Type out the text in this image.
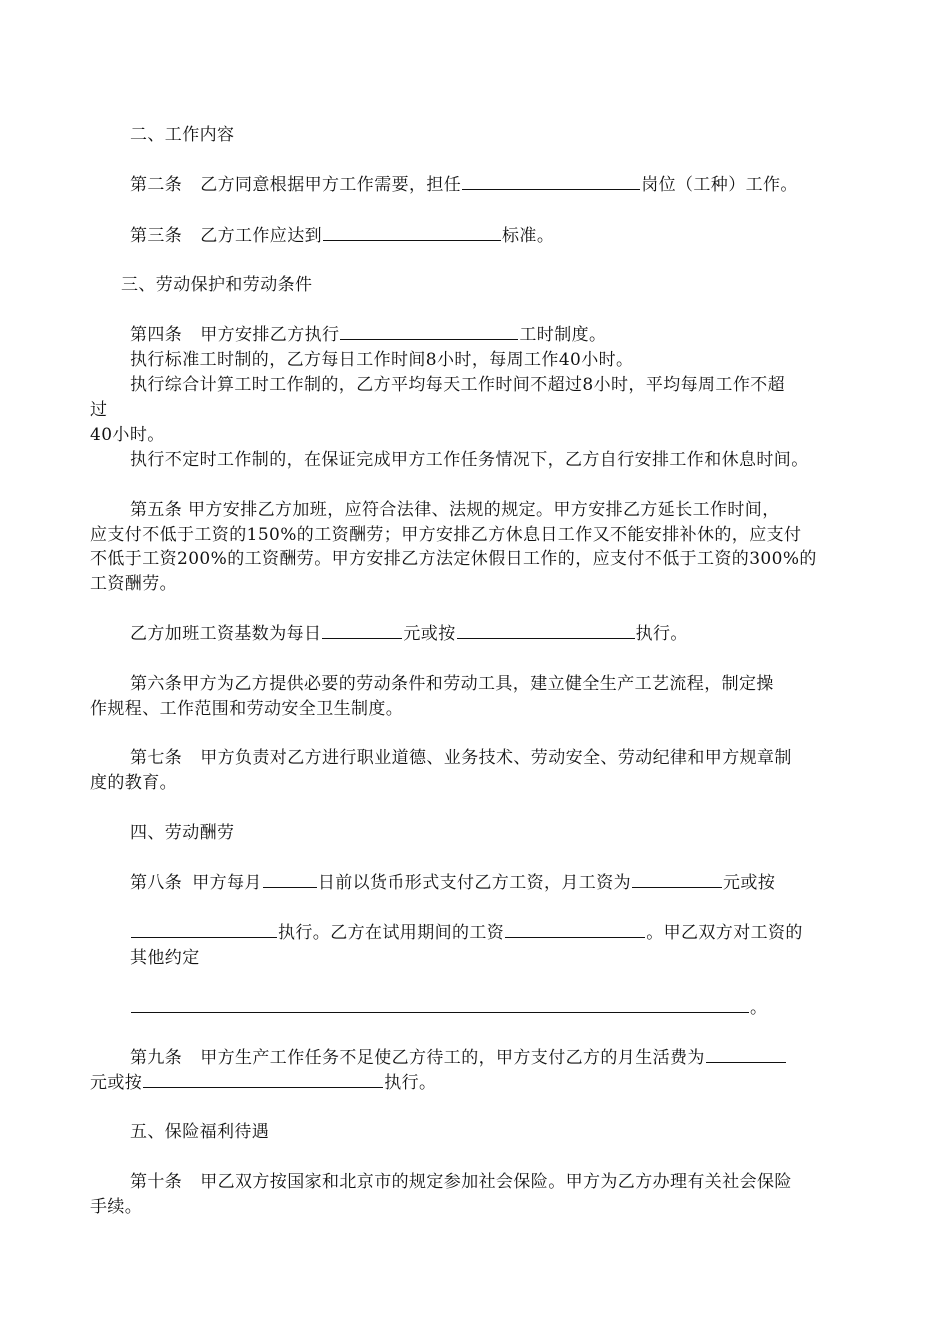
二、工作内容
第二条 乙方同意根据甲方工作需要，担任	岗位（工种）工作。
第三条 乙方工作应达到	标准。
三、劳动保护和劳动条件
第四条 甲方安排乙方执行	工时制度。
执行标准工时制的，乙方每日工作时间8小时，每周工作40小时。
执行综合计算工时工作制的，乙方平均每天工作时间不超过8小时，平均每周工作不超
过
40小时。
执行不定时工作制的，在保证完成甲方工作任务情况下，乙方自行安排工作和休息时间。
第五条 甲方安排乙方加班，应符合法律、法规的规定。甲方安排乙方延长工作时间，
应支付不低于工资的150%的工资酬劳；甲方安排乙方休息日工作又不能安排补休的，应支付
不低于工资200%的工资酬劳。甲方安排乙方法定休假日工作的，应支付不低于工资的300%的
工资酬劳。
乙方加班工资基数为每日	元或按	执行。
第六条甲方为乙方提供必要的劳动条件和劳动工具，建立健全生产工艺流程，制定操
作规程、工作范围和劳动安全卫生制度。
第七条 甲方负责对乙方进行职业道德、业务技术、劳动安全、劳动纪律和甲方规章制
度的教育。
四、劳动酬劳
第八条 甲方每月	日前以货币形式支付乙方工资，月工资为	元或按
执行。乙方在试用期间的工资	。甲乙双方对工资的
其他约定
。
第九条 甲方生产工作任务不足使乙方待工的，甲方支付乙方的月生活费为
元或按	执行。
五、保险福利待遇
第十条 甲乙双方按国家和北京市的规定参加社会保险。甲方为乙方办理有关社会保险
手续。
